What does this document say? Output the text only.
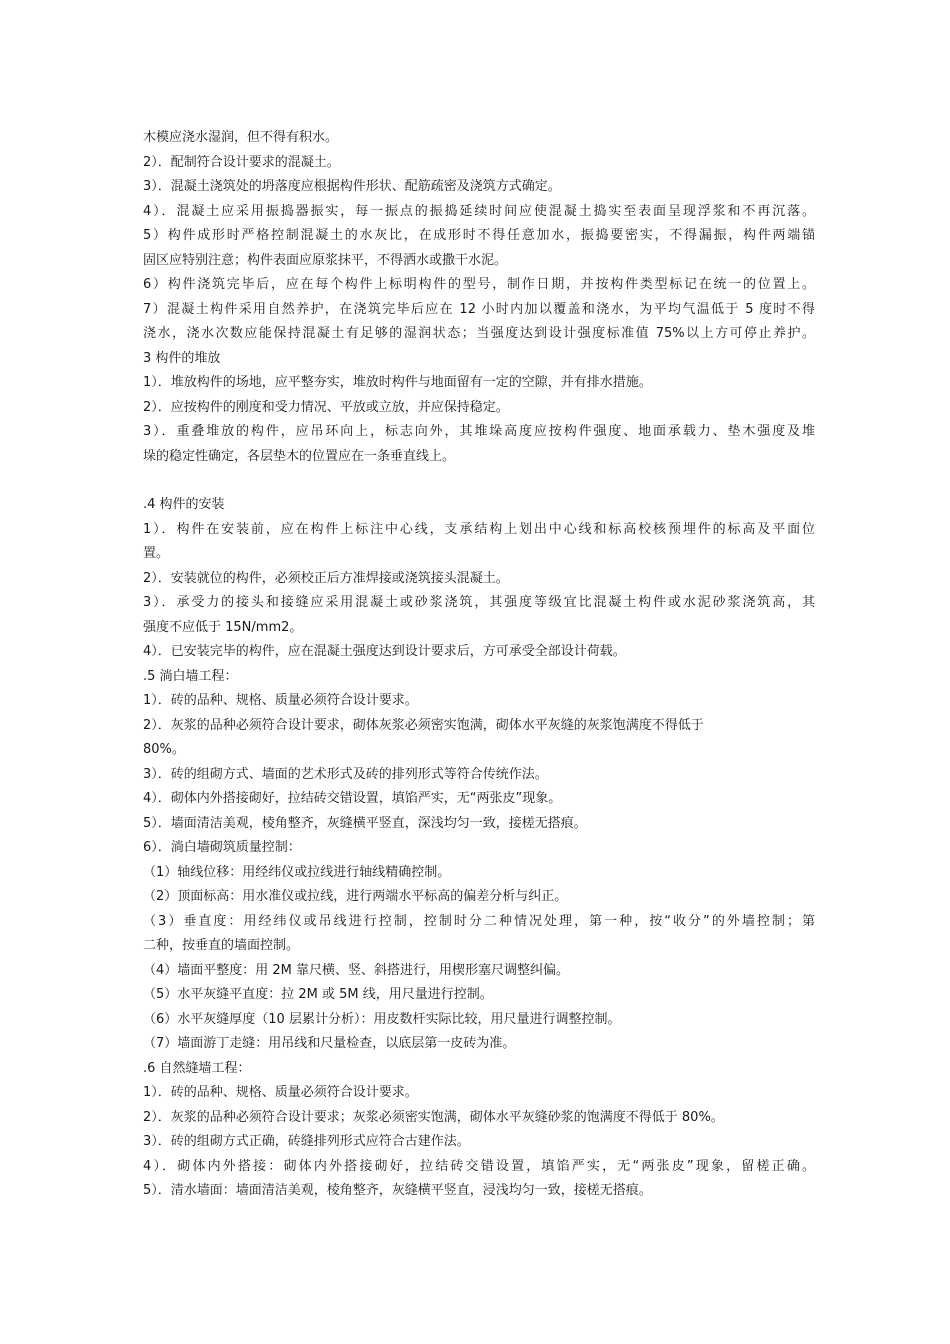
木模应浇水湿润，但不得有积水。
2）．配制符合设计要求的混凝土。
3）．混凝土浇筑处的坍落度应根据构件形状、配筋疏密及浇筑方式确定。
4）．混凝土应采用振捣器振实，每一振点的振捣延续时间应使混凝土捣实至表面呈现浮浆和不再沉落。
5）构件成形时严格控制混凝土的水灰比，在成形时不得任意加水，振捣要密实，不得漏振，构件两端锚
固区应特别注意；构件表面应原浆抹平，不得洒水或撒干水泥。
6）构件浇筑完毕后，应在每个构件上标明构件的型号，制作日期，并按构件类型标记在统一的位置上。
7）混凝土构件采用自然养护，在浇筑完毕后应在 12 小时内加以覆盖和浇水，为平均气温低于 5 度时不得
浇水，浇水次数应能保持混凝土有足够的湿润状态；当强度达到设计强度标准值 75%以上方可停止养护。
3 构件的堆放
1）．堆放构件的场地，应平整夯实，堆放时构件与地面留有一定的空隙，并有排水措施。
2）．应按构件的刚度和受力情况、平放或立放，并应保持稳定。
3）．重叠堆放的构件，应吊环向上，标志向外，其堆垛高度应按构件强度、地面承载力、垫木强度及堆
垛的稳定性确定，各层垫木的位置应在一条垂直线上。
.4 构件的安装
1）．构件在安装前，应在构件上标注中心线，支承结构上划出中心线和标高校核预埋件的标高及平面位
置。
2）．安装就位的构件，必须校正后方准焊接或浇筑接头混凝土。
3）．承受力的接头和接缝应采用混凝土或砂浆浇筑，其强度等级宜比混凝土构件或水泥砂浆浇筑高，其
强度不应低于 15N/mm2。
4）．已安装完毕的构件，应在混凝土强度达到设计要求后，方可承受全部设计荷载。
.5 淌白墙工程：
1）．砖的品种、规格、质量必须符合设计要求。
2）．灰浆的品种必须符合设计要求，砌体灰浆必须密实饱满，砌体水平灰缝的灰浆饱满度不得低于
80%。
3）．砖的组砌方式、墙面的艺术形式及砖的排列形式等符合传统作法。
4）．砌体内外搭接砌好，拉结砖交错设置，填馅严实，无“两张皮”现象。
5）．墙面清洁美观，棱角整齐，灰缝横平竖直，深浅均匀一致，接槎无搭痕。
6）．淌白墙砌筑质量控制：
（1）轴线位移：用经纬仪或拉线进行轴线精确控制。
（2）顶面标高：用水准仪或拉线，进行两端水平标高的偏差分析与纠正。
（3）垂直度：用经纬仪或吊线进行控制，控制时分二种情况处理，第一种，按“收分”的外墙控制；第
二种，按垂直的墙面控制。
（4）墙面平整度：用 2M 靠尺横、竖、斜搭进行，用楔形塞尺调整纠偏。
（5）水平灰缝平直度：拉 2M 或 5M 线，用尺量进行控制。
（6）水平灰缝厚度（10 层累计分析）：用皮数杆实际比较，用尺量进行调整控制。
（7）墙面游丁走缝：用吊线和尺量检查，以底层第一皮砖为准。
.6 自然缝墙工程：
1）．砖的品种、规格、质量必须符合设计要求。
2）．灰浆的品种必须符合设计要求；灰浆必须密实饱满，砌体水平灰缝砂浆的饱满度不得低于 80%。
3）．砖的组砌方式正确，砖缝排列形式应符合古建作法。
4）．砌体内外搭接：砌体内外搭接砌好，拉结砖交错设置，填馅严实，无“两张皮”现象，留槎正确。
5）．清水墙面：墙面清洁美观，棱角整齐，灰缝横平竖直，浸浅均匀一致，接槎无搭痕。
